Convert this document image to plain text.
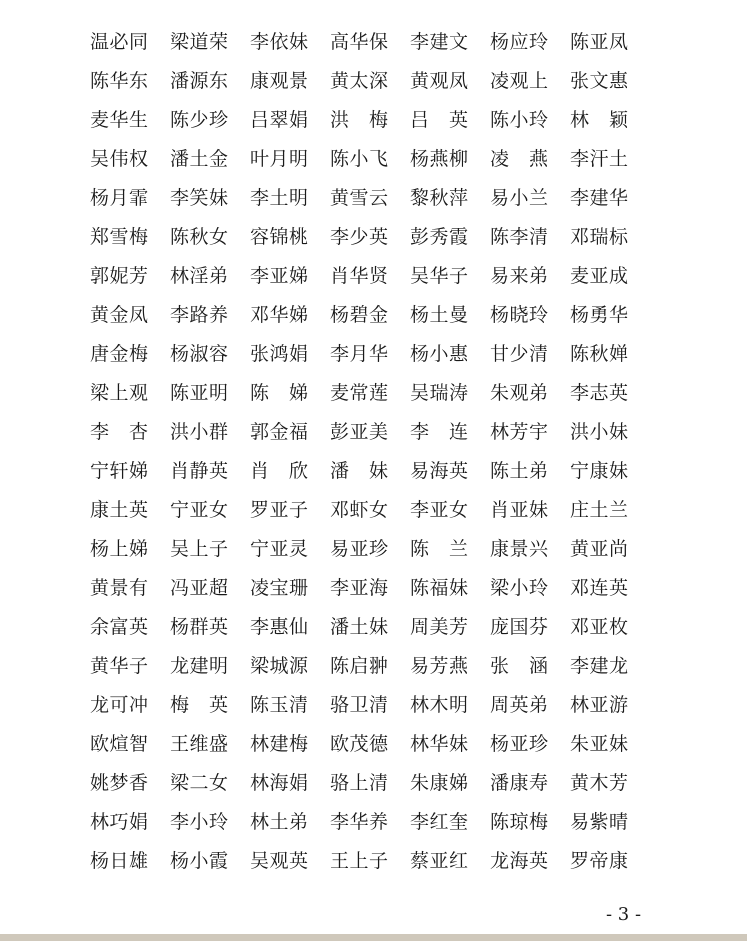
温必同	梁道荣	李依妹	高华保	李建文	杨应玲	陈亚凤
陈华东	潘源东	康观景	黄太深	黄观凤	凌观上	张文惠
麦华生	陈少珍	吕翠娟	洪　梅	吕　英	陈小玲	林　颖
吴伟权	潘土金	叶月明	陈小飞	杨燕柳	凌　燕	李汗土
杨月霏	李笑妹	李土明	黄雪云	黎秋萍	易小兰	李建华
郑雪梅	陈秋女	容锦桃	李少英	彭秀霞	陈李清	邓瑞标
郭妮芳	林淫弟	李亚娣	肖华贤	吴华子	易来弟	麦亚成
黄金凤	李路养	邓华娣	杨碧金	杨土曼	杨晓玲	杨勇华
唐金梅	杨淑容	张鸿娟	李月华	杨小惠	甘少清	陈秋婵
梁上观	陈亚明	陈　娣	麦常莲	吴瑞涛	朱观弟	李志英
李　杏	洪小群	郭金福	彭亚美	李　连	林芳宇	洪小妹
宁轩娣	肖静英	肖　欣	潘　妹	易海英	陈土弟	宁康妹
康土英	宁亚女	罗亚子	邓虾女	李亚女	肖亚妹	庄土兰
杨上娣	吴上子	宁亚灵	易亚珍	陈　兰	康景兴	黄亚尚
黄景有	冯亚超	凌宝珊	李亚海	陈福妹	梁小玲	邓连英
余富英	杨群英	李惠仙	潘土妹	周美芳	庞国芬	邓亚枚
黄华子	龙建明	梁城源	陈启翀	易芳燕	张　涵	李建龙
龙可冲	梅　英	陈玉清	骆卫清	林木明	周英弟	林亚游
欧煊智	王维盛	林建梅	欧茂德	林华妹	杨亚珍	朱亚妹
姚梦香	梁二女	林海娟	骆上清	朱康娣	潘康寿	黄木芳
林巧娟	李小玲	林土弟	李华养	李红奎	陈琼梅	易紫晴
杨日雄	杨小霞	吴观英	王上子	蔡亚红	龙海英	罗帝康
- 3 -
